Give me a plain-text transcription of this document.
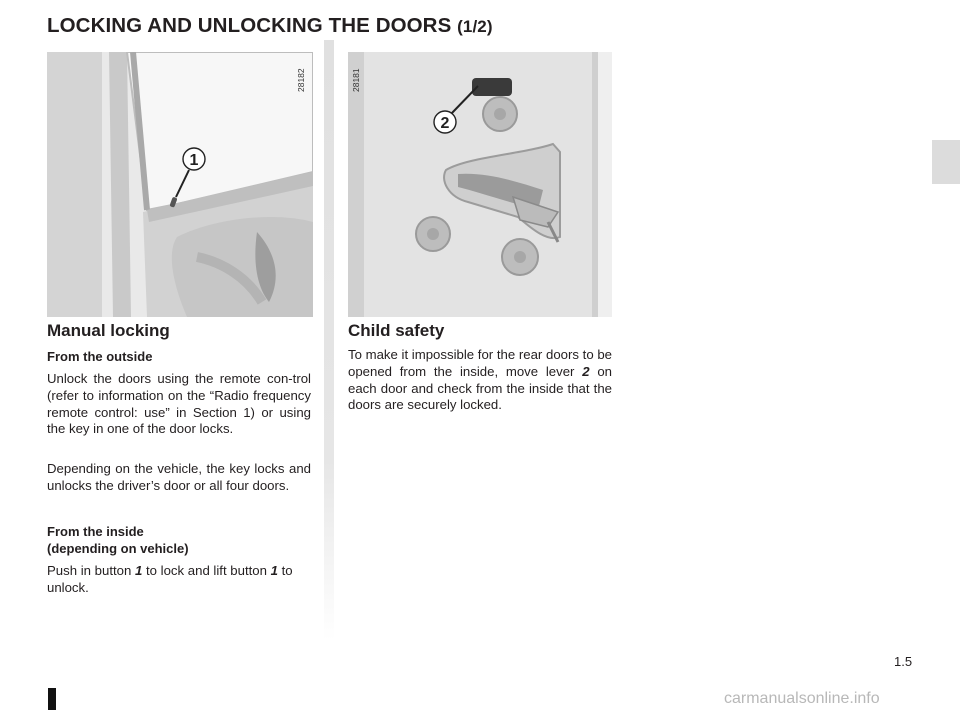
LOCKING AND UNLOCKING THE DOORS (1/2)
1
28182
2
28181
Manual locking
From the outside
Unlock the doors using the remote con-trol (refer to information on the “Radio frequency remote control: use” in Section 1) or using the key in one of the door locks.
Depending on the vehicle, the key locks and unlocks the driver’s door or all four doors.
From the inside
(depending on vehicle)
Push in button 1 to lock and lift button 1 to unlock.
Child safety
To make it impossible for the rear doors to be opened from the inside, move lever 2 on each door and check from the inside that the doors are securely locked.
1.5
carmanualsonline.info
